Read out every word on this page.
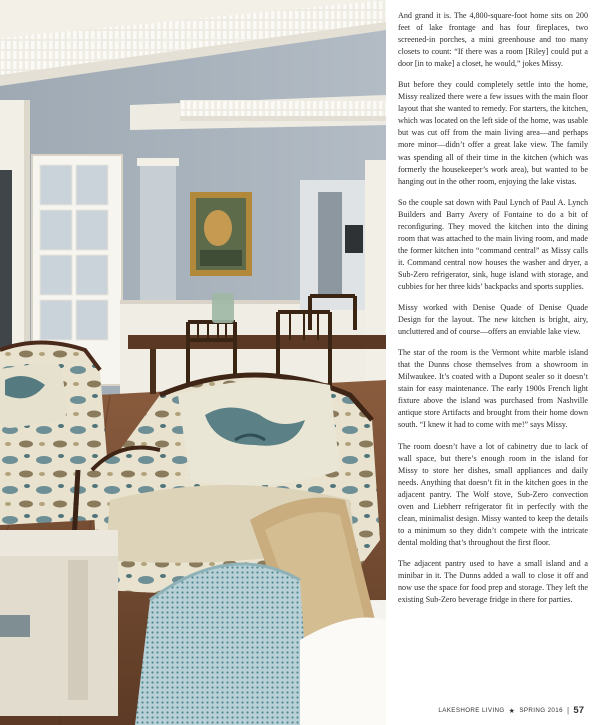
And grand it is. The 4,800-square-foot home sits on 200 feet of lake frontage and has four fireplaces, two screened-in porches, a mini greenhouse and too many closets to count: “If there was a room [Riley] could put a door [in to make] a closet, he would,” jokes Missy.

But before they could completely settle into the home, Missy realized there were a few issues with the main floor layout that she wanted to remedy. For starters, the kitchen, which was located on the left side of the home, was usable but was cut off from the main living area—and perhaps more minor—didn’t offer a great lake view. The family was spending all of their time in the kitchen (which was formerly the housekeeper’s work area), but wanted to be hanging out in the other room, enjoying the lake vistas.

So the couple sat down with Paul Lynch of Paul A. Lynch Builders and Barry Avery of Fontaine to do a bit of reconfiguring. They moved the kitchen into the dining room that was attached to the main living room, and made the former kitchen into “command central” as Missy calls it. Command central now houses the washer and dryer, a Sub-Zero refrigerator, sink, huge island with storage, and cubbies for her three kids’ backpacks and sports supplies.

Missy worked with Denise Quade of Denise Quade Design for the layout. The new kitchen is bright, airy, uncluttered and of course—offers an enviable lake view.

The star of the room is the Vermont white marble island that the Dunns chose themselves from a showroom in Milwaukee. It’s coated with a Dupont sealer so it doesn’t stain for easy maintenance. The early 1900s French light fixture above the island was purchased from Nashville antique store Artifacts and brought from their home down south. “I knew it had to come with me!” says Missy.

The room doesn’t have a lot of cabinetry due to lack of wall space, but there’s enough room in the island for Missy to store her dishes, small appliances and daily needs. Anything that doesn’t fit in the kitchen goes in the adjacent pantry. The Wolf stove, Sub-Zero convection oven and Liebherr refrigerator fit in perfectly with the clean, minimalist design. Missy wanted to keep the details to a minimum so they didn’t compete with the intricate dental molding that’s throughout the first floor.

The adjacent pantry used to have a small island and a minibar in it. The Dunns added a wall to close it off and now use the space for food prep and storage. They left the existing Sub-Zero beverage fridge in there for parties.

LAKESHORE LIVING ★ SPRING 2016 | 57
